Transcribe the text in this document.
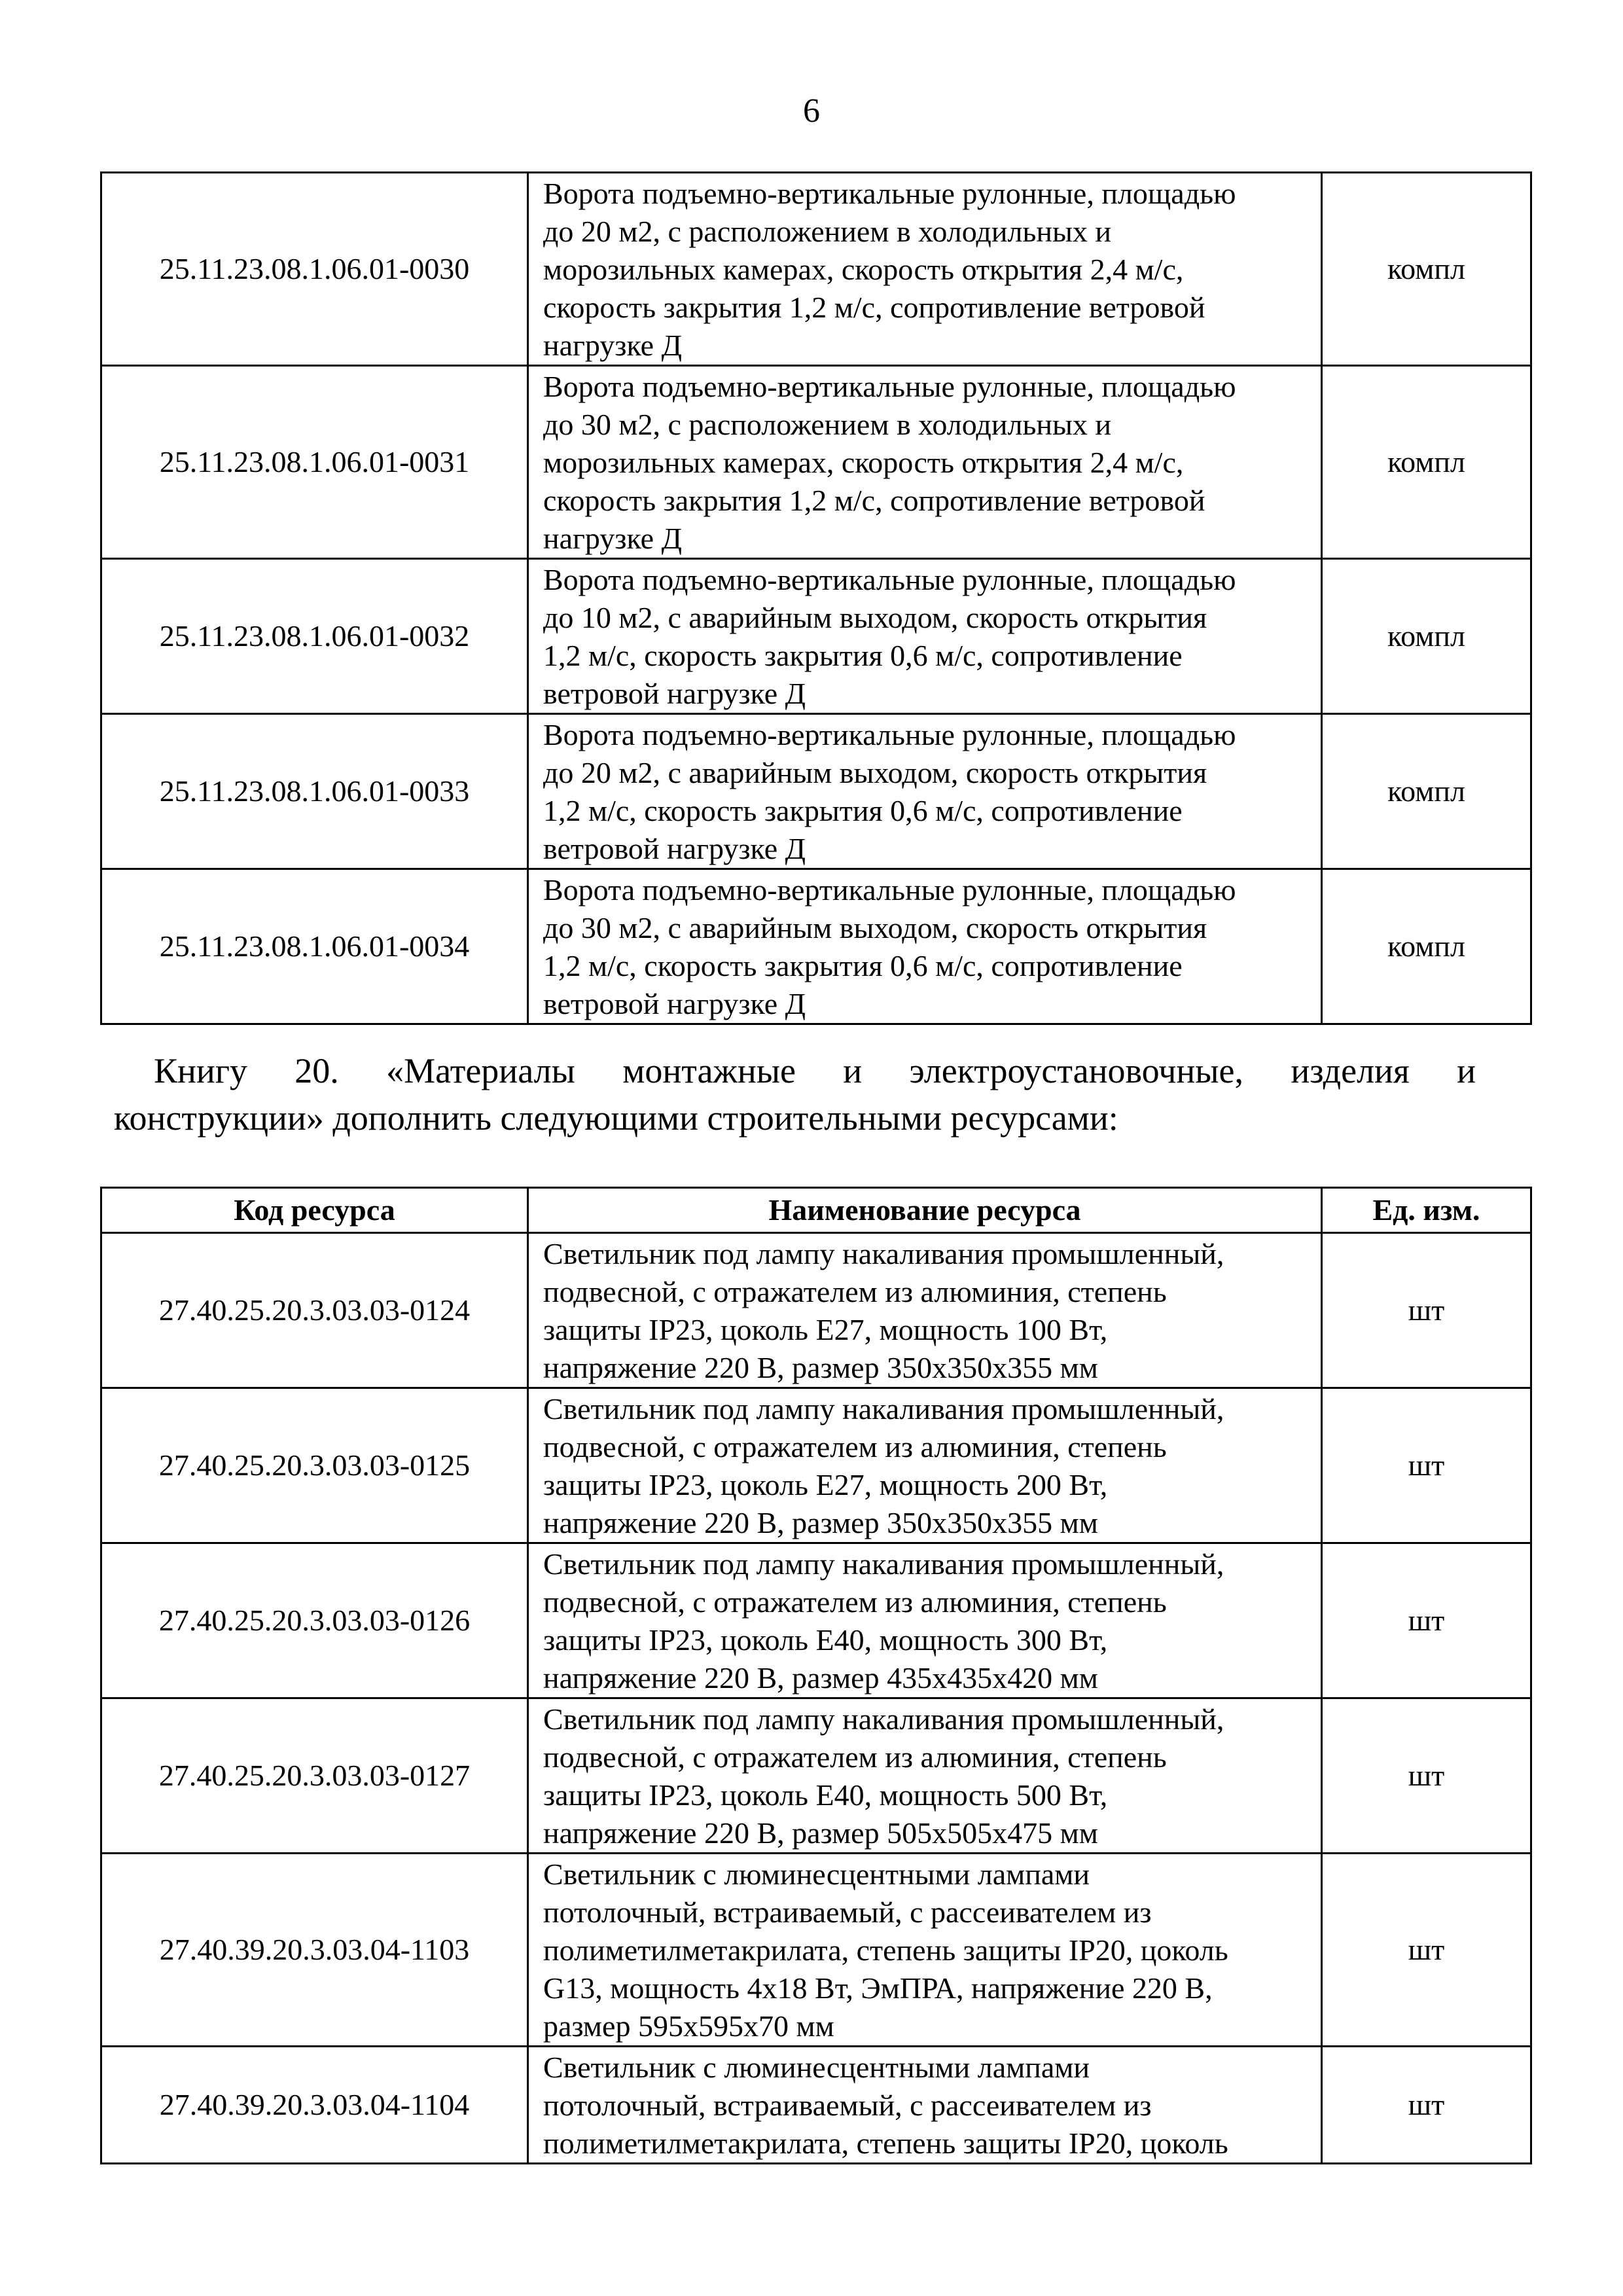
6
25.11.23.08.1.06.01-0030	Ворота подъемно-вертикальные рулонные, площадью
до 20 м2, с расположением в холодильных и
морозильных камерах, скорость открытия 2,4 м/с,
скорость закрытия 1,2 м/с, сопротивление ветровой
нагрузке Д	компл
25.11.23.08.1.06.01-0031	Ворота подъемно-вертикальные рулонные, площадью
до 30 м2, с расположением в холодильных и
морозильных камерах, скорость открытия 2,4 м/с,
скорость закрытия 1,2 м/с, сопротивление ветровой
нагрузке Д	компл
25.11.23.08.1.06.01-0032	Ворота подъемно-вертикальные рулонные, площадью
до 10 м2, с аварийным выходом, скорость открытия
1,2 м/с, скорость закрытия 0,6 м/с, сопротивление
ветровой нагрузке Д	компл
25.11.23.08.1.06.01-0033	Ворота подъемно-вертикальные рулонные, площадью
до 20 м2, с аварийным выходом, скорость открытия
1,2 м/с, скорость закрытия 0,6 м/с, сопротивление
ветровой нагрузке Д	компл
25.11.23.08.1.06.01-0034	Ворота подъемно-вертикальные рулонные, площадью
до 30 м2, с аварийным выходом, скорость открытия
1,2 м/с, скорость закрытия 0,6 м/с, сопротивление
ветровой нагрузке Д	компл
Книгу 20. «Материалы монтажные и электроустановочные, изделия и
конструкции» дополнить следующими строительными ресурсами:
Код ресурса	Наименование ресурса	Ед. изм.
27.40.25.20.3.03.03-0124	Светильник под лампу накаливания промышленный,
подвесной, с отражателем из алюминия, степень
защиты IP23, цоколь Е27, мощность 100 Вт,
напряжение 220 В, размер 350х350х355 мм	шт
27.40.25.20.3.03.03-0125	Светильник под лампу накаливания промышленный,
подвесной, с отражателем из алюминия, степень
защиты IP23, цоколь Е27, мощность 200 Вт,
напряжение 220 В, размер 350х350х355 мм	шт
27.40.25.20.3.03.03-0126	Светильник под лампу накаливания промышленный,
подвесной, с отражателем из алюминия, степень
защиты IP23, цоколь Е40, мощность 300 Вт,
напряжение 220 В, размер 435х435х420 мм	шт
27.40.25.20.3.03.03-0127	Светильник под лампу накаливания промышленный,
подвесной, с отражателем из алюминия, степень
защиты IP23, цоколь Е40, мощность 500 Вт,
напряжение 220 В, размер 505х505х475 мм	шт
27.40.39.20.3.03.04-1103	Светильник с люминесцентными лампами
потолочный, встраиваемый, с рассеивателем из
полиметилметакрилата, степень защиты IP20, цоколь
G13, мощность 4х18 Вт, ЭмПРА, напряжение 220 В,
размер 595х595х70 мм	шт
27.40.39.20.3.03.04-1104	Светильник с люминесцентными лампами
потолочный, встраиваемый, с рассеивателем из
полиметилметакрилата, степень защиты IP20, цоколь	шт
